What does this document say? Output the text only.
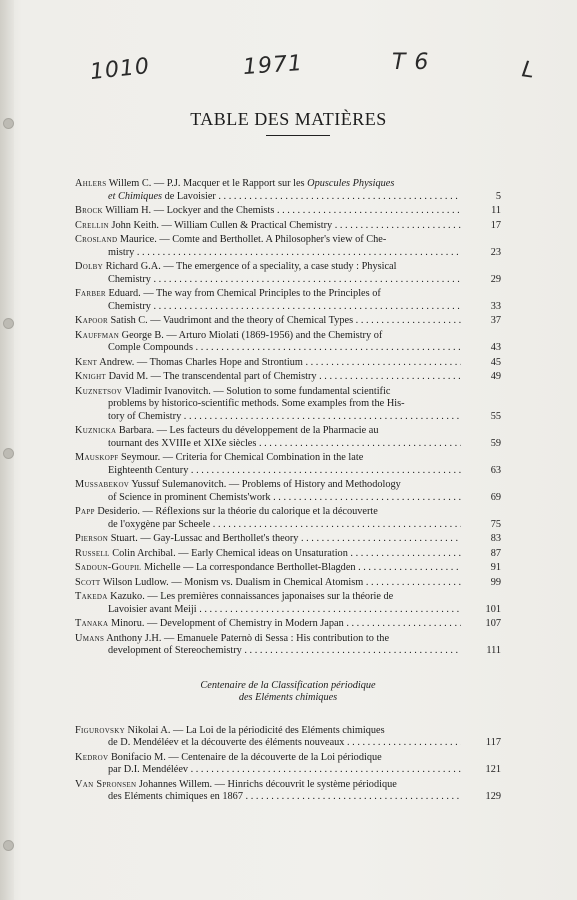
1010	1971	T 6	L
TABLE DES MATIÈRES
Ahlers Willem C. — P.J. Macquer et le Rapport sur les Opuscules Physiques
et Chimiques de Lavoisier . . .	5
Brock William H. — Lockyer and the Chemists . . .	11
Crellin John Keith. — William Cullen & Practical Chemistry . . .	17
Crosland Maurice. — Comte and Berthollet. A Philosopher's view of Che-
mistry . . .	23
Dolby Richard G.A. — The emergence of a speciality, a case study : Physical
Chemistry . . .	29
Farber Eduard. — The way from Chemical Principles to the Principles of
Chemistry . . .	33
Kapoor Satish C. — Vaudrimont and the theory of Chemical Types . . .	37
Kauffman George B. — Arturo Miolati (1869-1956) and the Chemistry of
Comple Compounds . . .	43
Kent Andrew. — Thomas Charles Hope and Strontium . . .	45
Knight David M. — The transcendental part of Chemistry . . .	49
Kuznetsov Vladimir Ivanovitch. — Solution to some fundamental scientific
problems by historico-scientific methods. Some examples from the His-
tory of Chemistry . . .	55
Kuznicka Barbara. — Les facteurs du développement de la Pharmacie au
tournant des XVIIIe et XIXe siècles . . .	59
Mauskopf Seymour. — Criteria for Chemical Combination in the late
Eighteenth Century . . .	63
Mussabekov Yussuf Sulemanovitch. — Problems of History and Methodology
of Science in prominent Chemists'work . . .	69
Papp Desiderio. — Réflexions sur la théorie du calorique et la découverte
de l'oxygène par Scheele . . .	75
Pierson Stuart. — Gay-Lussac and Berthollet's theory . . .	83
Russell Colin Archibal. — Early Chemical ideas on Unsaturation . . .	87
Sadoun-Goupil Michelle — La correspondance Berthollet-Blagden . . .	91
Scott Wilson Ludlow. — Monism vs. Dualism in Chemical Atomism . . .	99
Takeda Kazuko. — Les premières connaissances japonaises sur la théorie de
Lavoisier avant Meiji . . .	101
Tanaka Minoru. — Development of Chemistry in Modern Japan . . .	107
Umans Anthony J.H. — Emanuele Paternò di Sessa : His contribution to the
development of Stereochemistry . . .	111
Centenaire de la Classification périodique
des Eléments chimiques
Figurovsky Nikolai A. — La Loi de la périodicité des Eléments chimiques
de D. Mendéléev et la découverte des éléments nouveaux . . .	117
Kedrov Bonifacio M. — Centenaire de la découverte de la Loi périodique
par D.I. Mendéléev . . .	121
Van Spronsen Johannes Willem. — Hinrichs découvrit le système périodique
des Eléments chimiques en 1867 . . .	129
